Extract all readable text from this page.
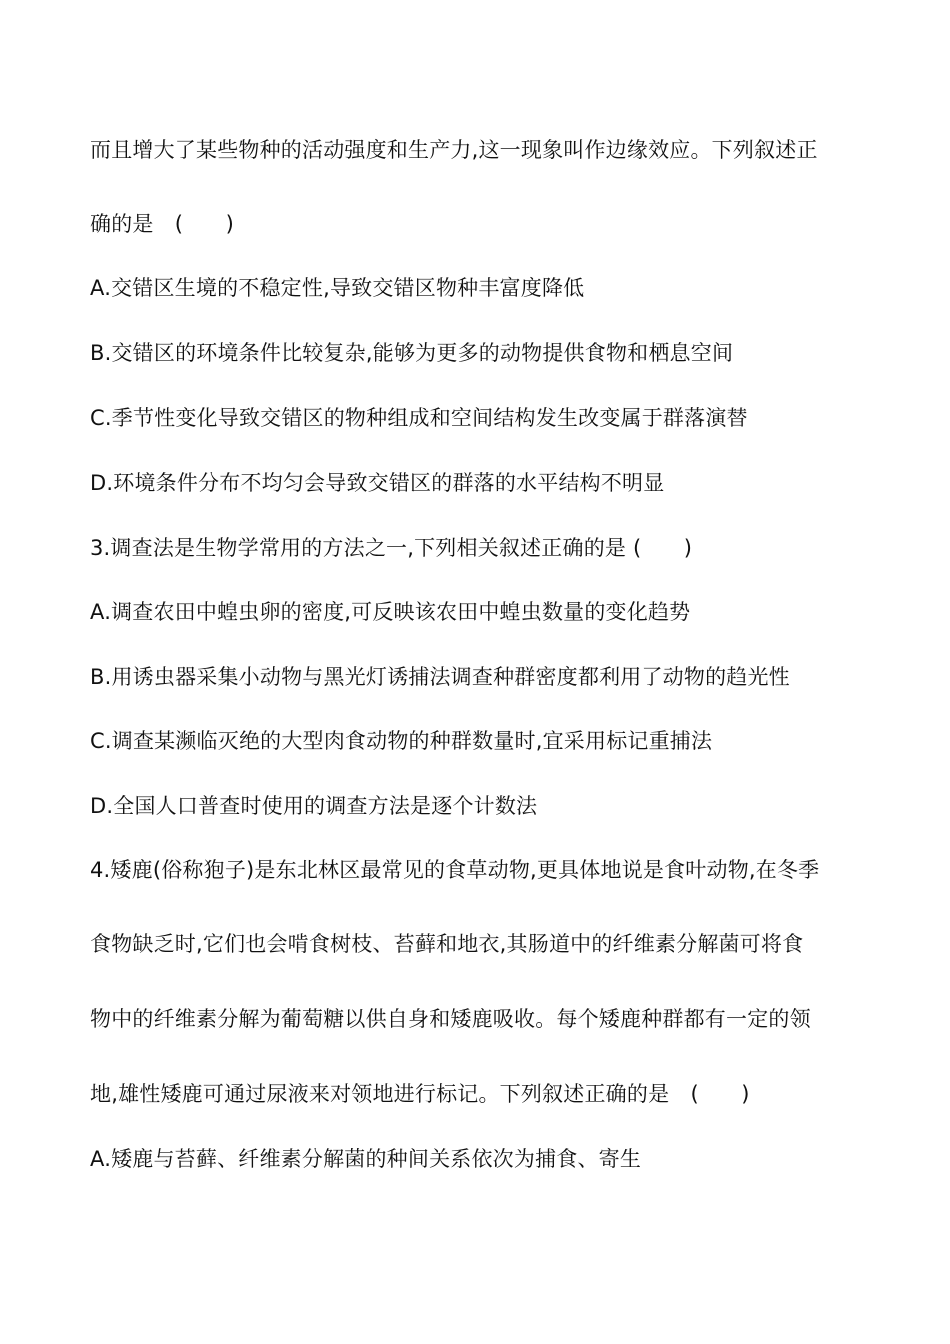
而且增大了某些物种的活动强度和生产力,这一现象叫作边缘效应。下列叙述正
确的是　(　　)
A.交错区生境的不稳定性,导致交错区物种丰富度降低
B.交错区的环境条件比较复杂,能够为更多的动物提供食物和栖息空间
C.季节性变化导致交错区的物种组成和空间结构发生改变属于群落演替
D.环境条件分布不均匀会导致交错区的群落的水平结构不明显
3.调查法是生物学常用的方法之一,下列相关叙述正确的是 (　　)
A.调查农田中蝗虫卵的密度,可反映该农田中蝗虫数量的变化趋势
B.用诱虫器采集小动物与黑光灯诱捕法调查种群密度都利用了动物的趋光性
C.调查某濒临灭绝的大型肉食动物的种群数量时,宜采用标记重捕法
D.全国人口普查时使用的调查方法是逐个计数法
4.矮鹿(俗称狍子)是东北林区最常见的食草动物,更具体地说是食叶动物,在冬季
食物缺乏时,它们也会啃食树枝、苔藓和地衣,其肠道中的纤维素分解菌可将食
物中的纤维素分解为葡萄糖以供自身和矮鹿吸收。每个矮鹿种群都有一定的领
地,雄性矮鹿可通过尿液来对领地进行标记。下列叙述正确的是　(　　)
A.矮鹿与苔藓、纤维素分解菌的种间关系依次为捕食、寄生
